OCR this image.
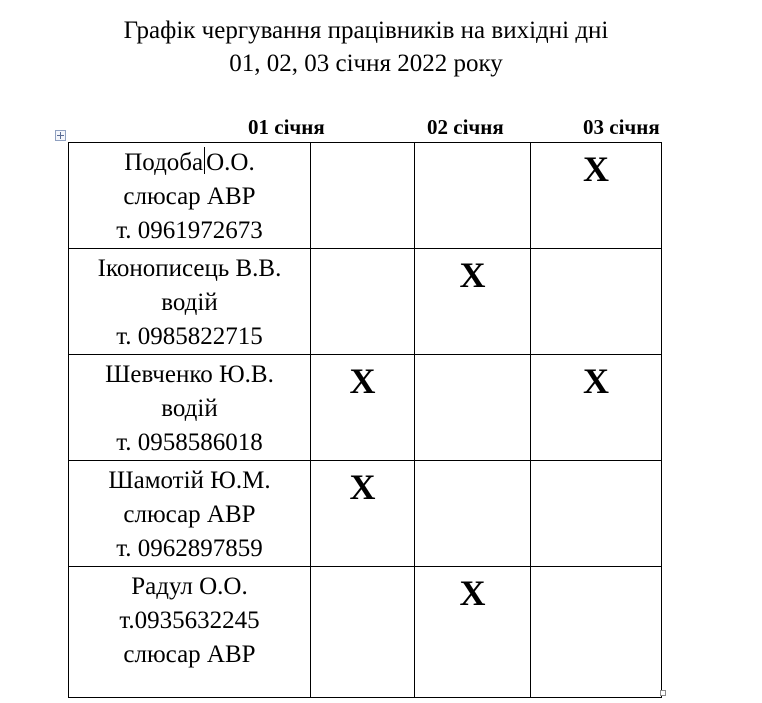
Графік чергування працівників на вихідні дні
01, 02, 03 січня 2022 року
01 січня	02 січня	03 січня
Подоба О.О.
слюсар АВР
т. 0961972673			Х

Іконописець В.В.
водій
т. 0985822715		Х	

Шевченко Ю.В.
водій
т. 0958586018	Х		Х

Шамотій Ю.М.
слюсар АВР
т. 0962897859	Х		

Радул О.О.
т.0935632245
слюсар АВР		Х	
